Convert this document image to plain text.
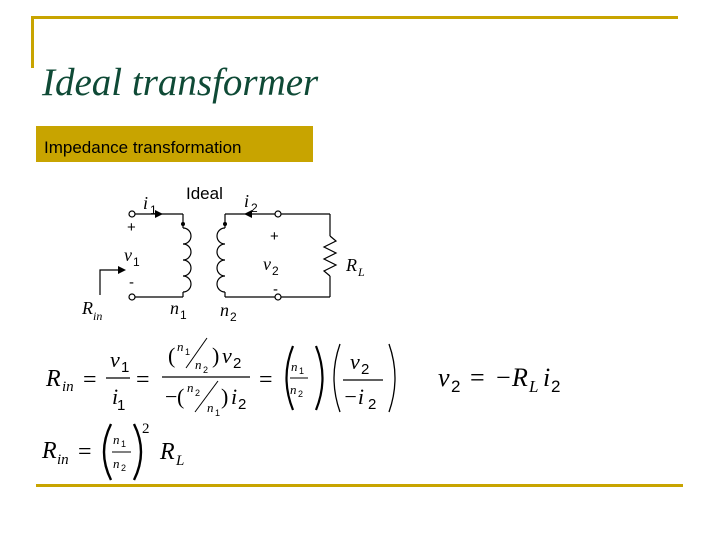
Ideal transformer
Impedance transformation
Ideal
i 1	i 2
+
+
v 1	v 2
-	-
R L
n 1 n 2
R in
R in =
v 1
i
1
=
( n 1
n 2
) v 2
− ( n 2
n 1
) i 2
=
n 1
n 2
v 2
−i 2
v 2 = − R L i 2
R in = n 1
n 2
2
R L
